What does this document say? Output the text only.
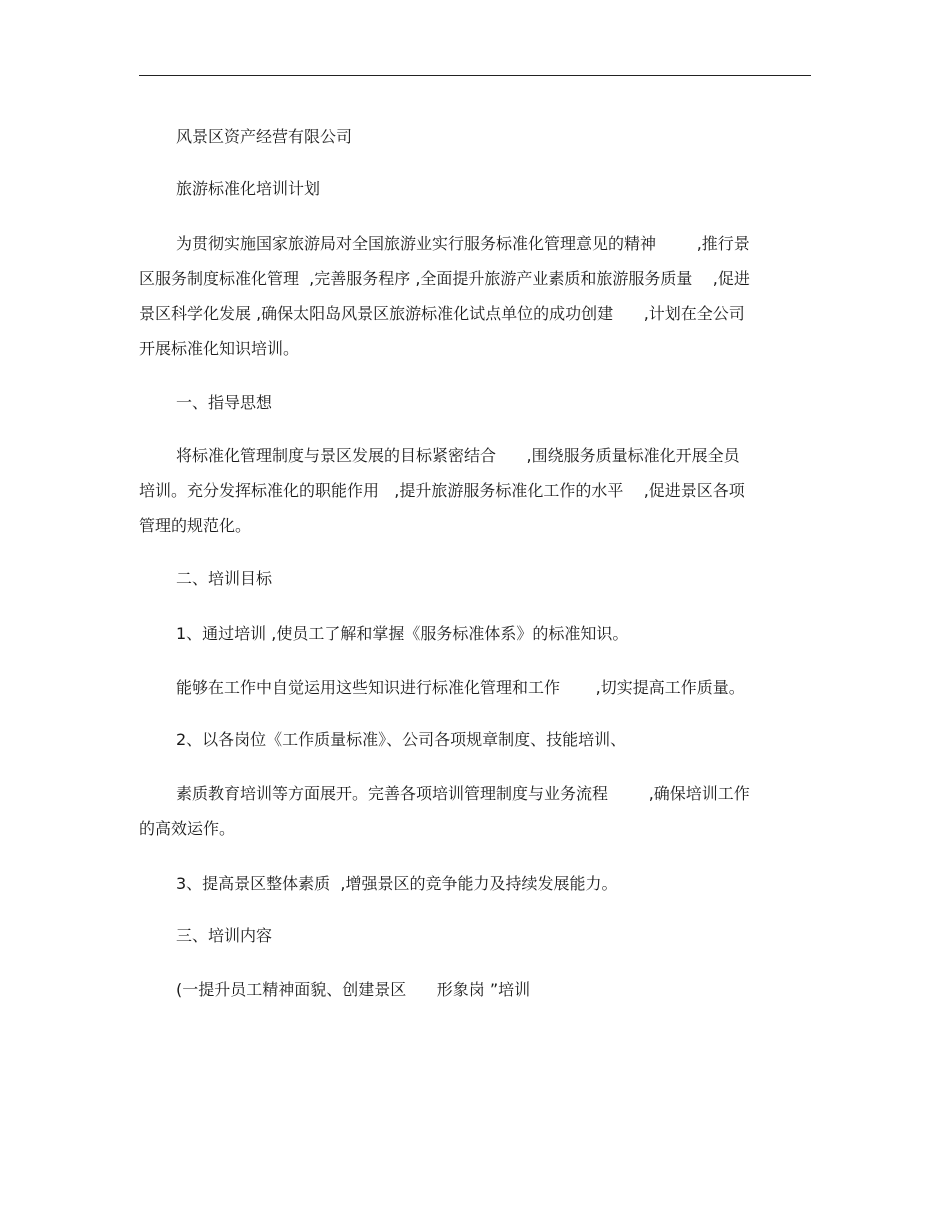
风景区资产经营有限公司

旅游标准化培训计划

为贯彻实施国家旅游局对全国旅游业实行服务标准化管理意见的精神        ,推行景
区服务制度标准化管理  ,完善服务程序 ,全面提升旅游产业素质和旅游服务质量    ,促进
景区科学化发展 ,确保太阳岛风景区旅游标准化试点单位的成功创建      ,计划在全公司
开展标准化知识培训。

一、指导思想

将标准化管理制度与景区发展的目标紧密结合      ,围绕服务质量标准化开展全员
培训。充分发挥标准化的职能作用   ,提升旅游服务标准化工作的水平    ,促进景区各项
管理的规范化。

二、培训目标

1、通过培训 ,使员工了解和掌握《服务标准体系》的标准知识。

能够在工作中自觉运用这些知识进行标准化管理和工作       ,切实提高工作质量。

2、以各岗位《工作质量标准》、公司各项规章制度、技能培训、

素质教育培训等方面展开。完善各项培训管理制度与业务流程        ,确保培训工作
的高效运作。

3、提高景区整体素质  ,增强景区的竞争能力及持续发展能力。

三、培训内容

(一提升员工精神面貌、创建景区      形象岗 ”培训
